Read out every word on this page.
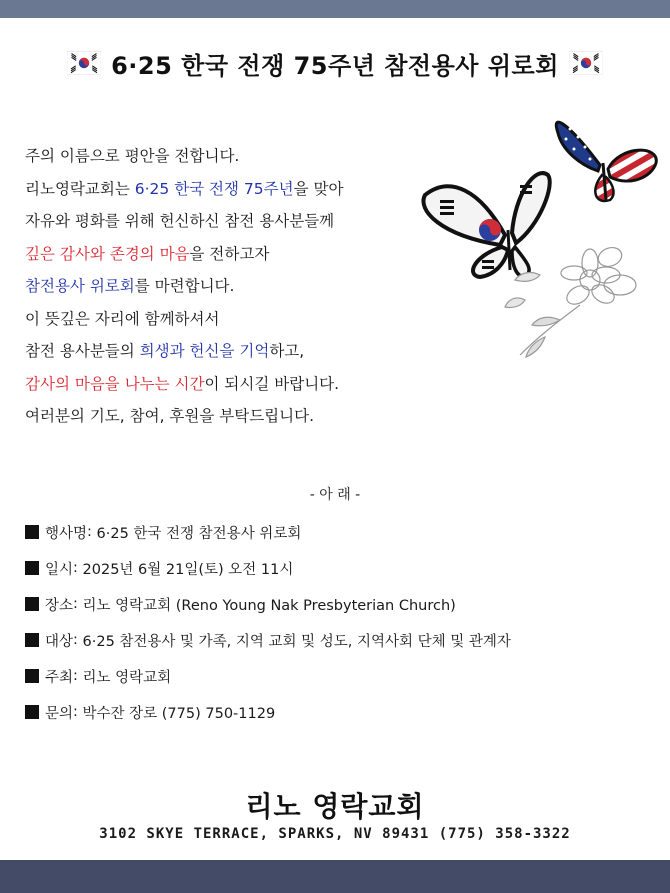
6·25 한국 전쟁 75주년 참전용사 위로회

주의 이름으로 평안을 전합니다.

리노영락교회는 6·25 한국 전쟁 75주년을 맞아

자유와 평화를 위해 헌신하신 참전 용사분들께

깊은 감사와 존경의 마음을 전하고자

참전용사 위로회를 마련합니다.

이 뜻깊은 자리에 함께하셔서

참전 용사분들의 희생과 헌신을 기억하고,

감사의 마음을 나누는 시간이 되시길 바랍니다.

여러분의 기도, 참여, 후원을 부탁드립니다.

- 아 래 -
행사명 : 6·25 한국 전쟁 참전용사 위로회
일시 : 2025년 6월 21일(토) 오전 11시
장소 : 리노 영락교회 (Reno Young Nak Presbyterian Church)
대상 : 6·25 참전용사 및 가족, 지역 교회 및 성도, 지역사회 단체 및 관계자
주최 : 리노 영락교회
문의 : 박수잔 장로 (775) 750-1129
리노 영락교회
3102 SKYE TERRACE, SPARKS, NV 89431 (775) 358-3322
